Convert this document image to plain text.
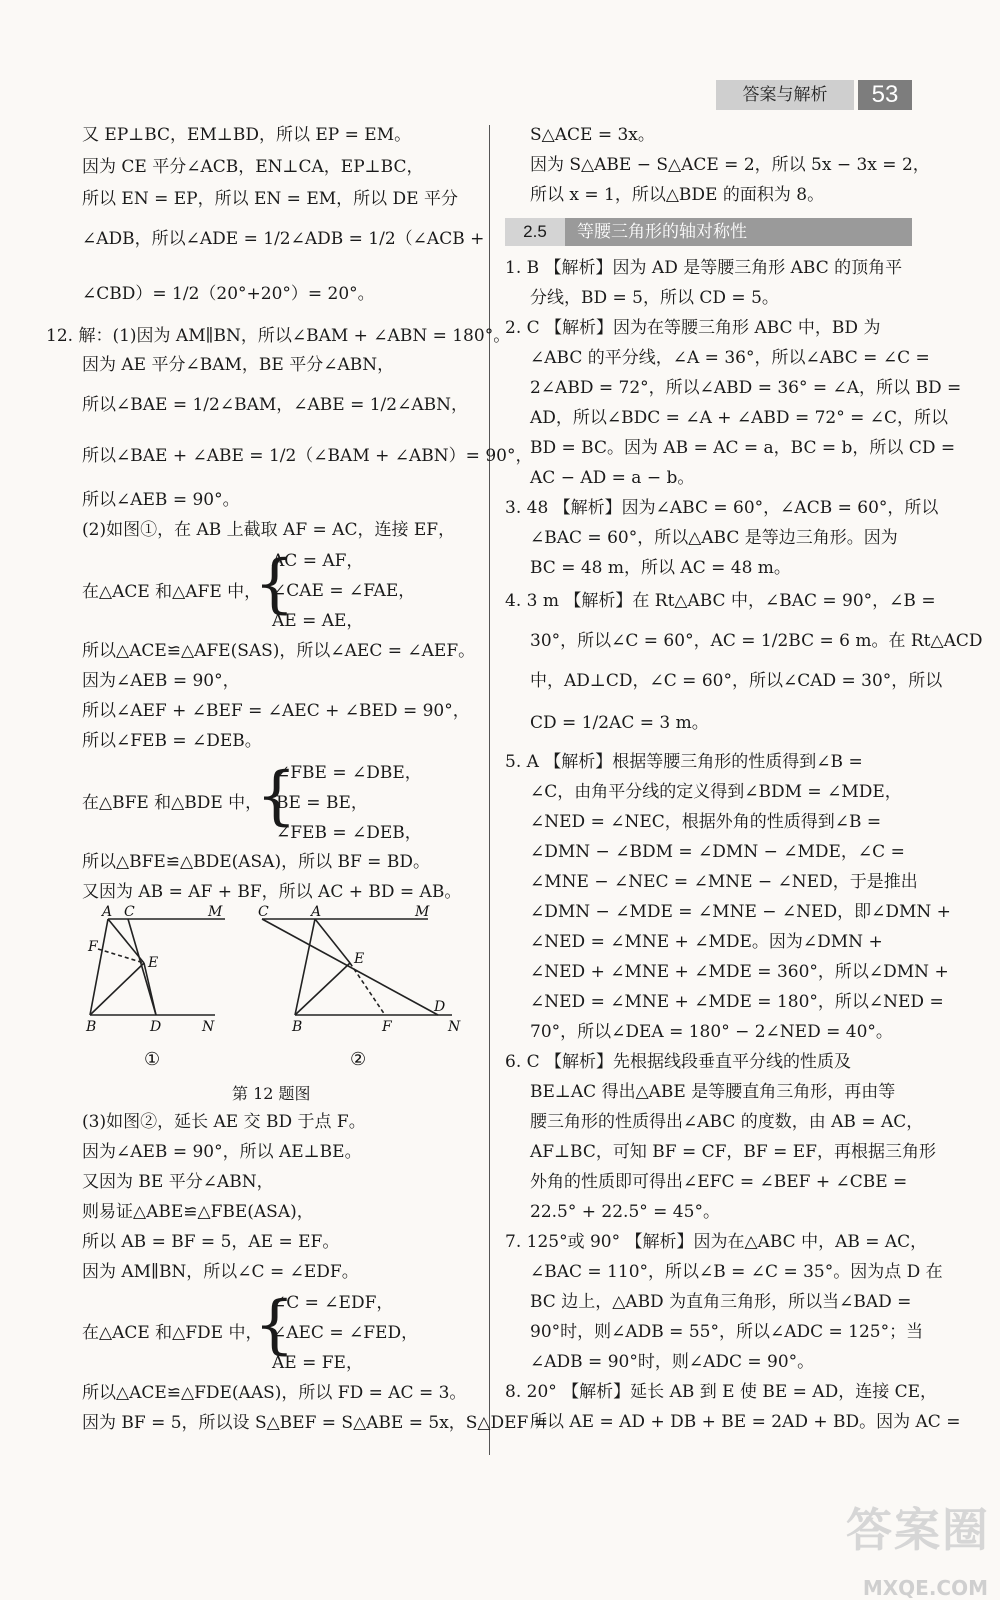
答案与解析	53
又 EP⊥BC，EM⊥BD，所以 EP = EM。
因为 CE 平分∠ACB，EN⊥CA，EP⊥BC，
所以 EN = EP，所以 EN = EM，所以 DE 平分
∠ADB，所以∠ADE = 1/2∠ADB = 1/2（∠ACB +
∠CBD）= 1/2（20°+20°）= 20°。
12. 解：(1)因为 AM∥BN，所以∠BAM + ∠ABN = 180°。
因为 AE 平分∠BAM，BE 平分∠ABN，
所以∠BAE = 1/2∠BAM，∠ABE = 1/2∠ABN，
所以∠BAE + ∠ABE = 1/2（∠BAM + ∠ABN）= 90°，
所以∠AEB = 90°。
(2)如图①，在 AB 上截取 AF = AC，连接 EF，
在△ACE 和△AFE 中，
{
AC = AF，
∠CAE = ∠FAE，
AE = AE，
所以△ACE≌△AFE(SAS)，所以∠AEC = ∠AEF。
因为∠AEB = 90°，
所以∠AEF + ∠BEF = ∠AEC + ∠BED = 90°，
所以∠FEB = ∠DEB。
在△BFE 和△BDE 中，
{
∠FBE = ∠DBE，
BE = BE，
∠FEB = ∠DEB，
所以△BFE≌△BDE(ASA)，所以 BF = BD。
又因为 AB = AF + BF，所以 AC + BD = AB。
A C	M
F
E
B	D	N
C	A	M
E
D
B	F	N
①	②
第 12 题图
(3)如图②，延长 AE 交 BD 于点 F。
因为∠AEB = 90°，所以 AE⊥BE。
又因为 BE 平分∠ABN，
则易证△ABE≌△FBE(ASA)，
所以 AB = BF = 5，AE = EF。
因为 AM∥BN，所以∠C = ∠EDF。
在△ACE 和△FDE 中，
{
∠C = ∠EDF，
∠AEC = ∠FED，
AE = FE，
所以△ACE≌△FDE(AAS)，所以 FD = AC = 3。
因为 BF = 5，所以设 S△BEF = S△ABE = 5x，S△DEF =
S△ACE = 3x。
因为 S△ABE − S△ACE = 2，所以 5x − 3x = 2，
所以 x = 1，所以△BDE 的面积为 8。
2.5	等腰三角形的轴对称性
1. B 【解析】因为 AD 是等腰三角形 ABC 的顶角平
分线，BD = 5，所以 CD = 5。
2. C 【解析】因为在等腰三角形 ABC 中，BD 为
∠ABC 的平分线，∠A = 36°，所以∠ABC = ∠C =
2∠ABD = 72°，所以∠ABD = 36° = ∠A，所以 BD =
AD，所以∠BDC = ∠A + ∠ABD = 72° = ∠C，所以
BD = BC。因为 AB = AC = a，BC = b，所以 CD =
AC − AD = a − b。
3. 48 【解析】因为∠ABC = 60°，∠ACB = 60°，所以
∠BAC = 60°，所以△ABC 是等边三角形。因为
BC = 48 m，所以 AC = 48 m。
4. 3 m 【解析】在 Rt△ABC 中，∠BAC = 90°，∠B =
30°，所以∠C = 60°，AC = 1/2BC = 6 m。在 Rt△ACD
中，AD⊥CD，∠C = 60°，所以∠CAD = 30°，所以
CD = 1/2AC = 3 m。
5. A 【解析】根据等腰三角形的性质得到∠B =
∠C，由角平分线的定义得到∠BDM = ∠MDE，
∠NED = ∠NEC，根据外角的性质得到∠B =
∠DMN − ∠BDM = ∠DMN − ∠MDE，∠C =
∠MNE − ∠NEC = ∠MNE − ∠NED，于是推出
∠DMN − ∠MDE = ∠MNE − ∠NED，即∠DMN +
∠NED = ∠MNE + ∠MDE。因为∠DMN +
∠NED + ∠MNE + ∠MDE = 360°，所以∠DMN +
∠NED = ∠MNE + ∠MDE = 180°，所以∠NED =
70°，所以∠DEA = 180° − 2∠NED = 40°。
6. C 【解析】先根据线段垂直平分线的性质及
BE⊥AC 得出△ABE 是等腰直角三角形，再由等
腰三角形的性质得出∠ABC 的度数，由 AB = AC，
AF⊥BC，可知 BF = CF，BF = EF，再根据三角形
外角的性质即可得出∠EFC = ∠BEF + ∠CBE =
22.5° + 22.5° = 45°。
7. 125°或 90° 【解析】因为在△ABC 中，AB = AC，
∠BAC = 110°，所以∠B = ∠C = 35°。因为点 D 在
BC 边上，△ABD 为直角三角形，所以当∠BAD =
90°时，则∠ADB = 55°，所以∠ADC = 125°；当
∠ADB = 90°时，则∠ADC = 90°。
8. 20° 【解析】延长 AB 到 E 使 BE = AD，连接 CE，
所以 AE = AD + DB + BE = 2AD + BD。因为 AC =
答案圈
MXQE.COM
